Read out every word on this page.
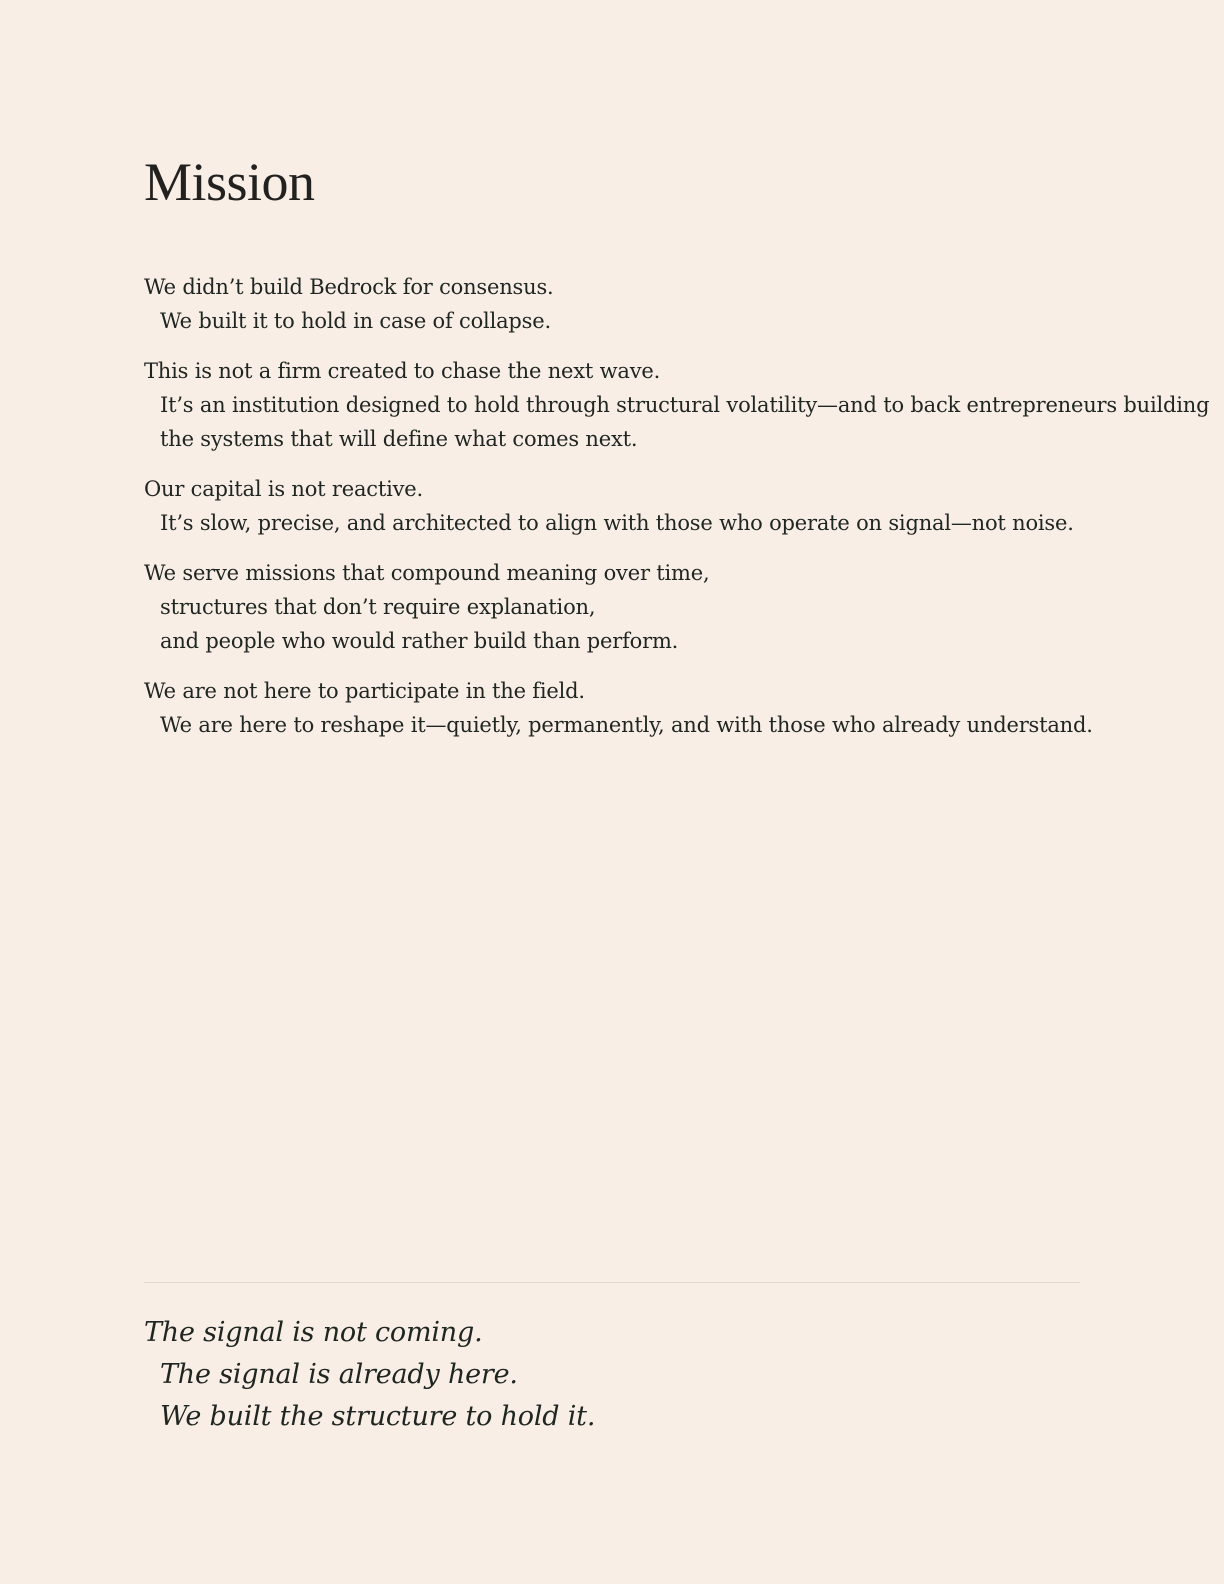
Mission

We didn’t build Bedrock for consensus.
We built it to hold in case of collapse.

This is not a firm created to chase the next wave.
It’s an institution designed to hold through structural volatility—and to back entrepreneurs building
the systems that will define what comes next.

Our capital is not reactive.
It’s slow, precise, and architected to align with those who operate on signal—not noise.

We serve missions that compound meaning over time,
structures that don’t require explanation,
and people who would rather build than perform.

We are not here to participate in the field.
We are here to reshape it—quietly, permanently, and with those who already understand.

The signal is not coming.
The signal is already here.
We built the structure to hold it.
